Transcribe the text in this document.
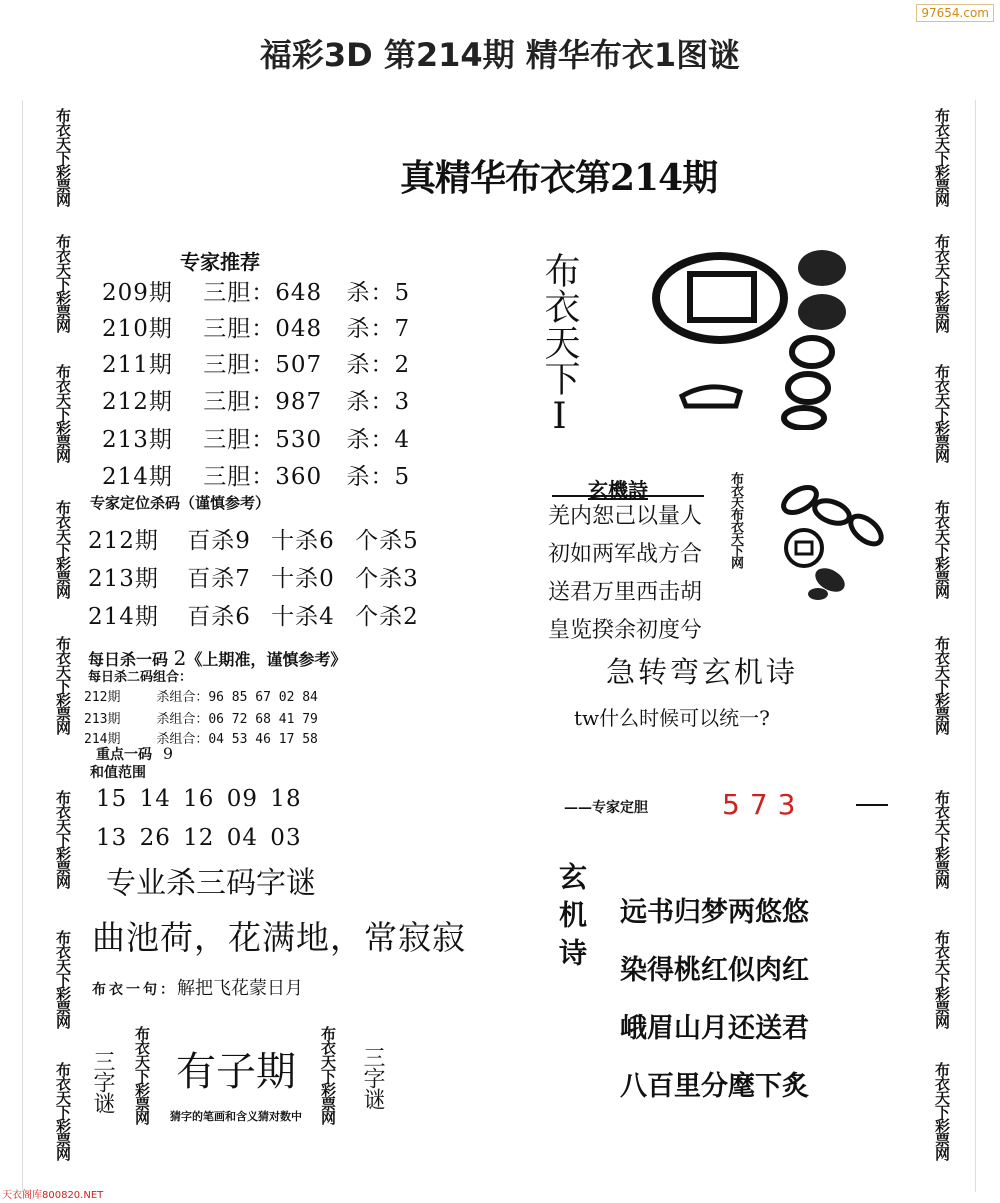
97654.com
福彩3D 第214期 精华布衣1图谜
布衣天下彩票网
布衣天下彩票网
布衣天下彩票网
布衣天下彩票网
布衣天下彩票网
布衣天下彩票网
布衣天下彩票网
布衣天下彩票网
布衣天下彩票网
布衣天下彩票网
布衣天下彩票网
布衣天下彩票网
布衣天下彩票网
布衣天下彩票网
布衣天下彩票网
布衣天下彩票网
真精华布衣第214期
专家推荐
209期 三胆：648 杀：5
210期 三胆：048 杀：7
211期 三胆：507 杀：2
212期 三胆：987 杀：3
213期 三胆：530 杀：4
214期 三胆：360 杀：5
专家定位杀码（谨慎参考）
212期 百杀9 十杀6 个杀5
213期 百杀7 十杀0 个杀3
214期 百杀6 十杀4 个杀2
每日杀一码 2《上期准，谨慎参考》
每日杀二码组合：
212期	杀组合：96 85 67 02 84
213期	杀组合：06 72 68 41 79
214期	杀组合：04 53 46 17 58
重点一码 9
和值范围
15 14 16 09 18
13 26 12 04 03
专业杀三码字谜
曲池荷，花满地，常寂寂
布衣一句：解把飞花蒙日月
三字谜 布衣天下彩票网 有子期
猜字的笔画和含义猜对数中	布衣天下彩票网 三字谜
布衣天下I
玄機詩
羌内恕己以量人
初如两军战方合
送君万里西击胡
皇览揆余初度兮
布衣天布衣天下网
急转弯玄机诗
tw什么时候可以统一?
——专家定胆	573
玄机诗 远书归梦两悠悠
染得桃红似肉红
峨眉山月还送君
八百里分麾下炙
天衣阁库800820.NET
